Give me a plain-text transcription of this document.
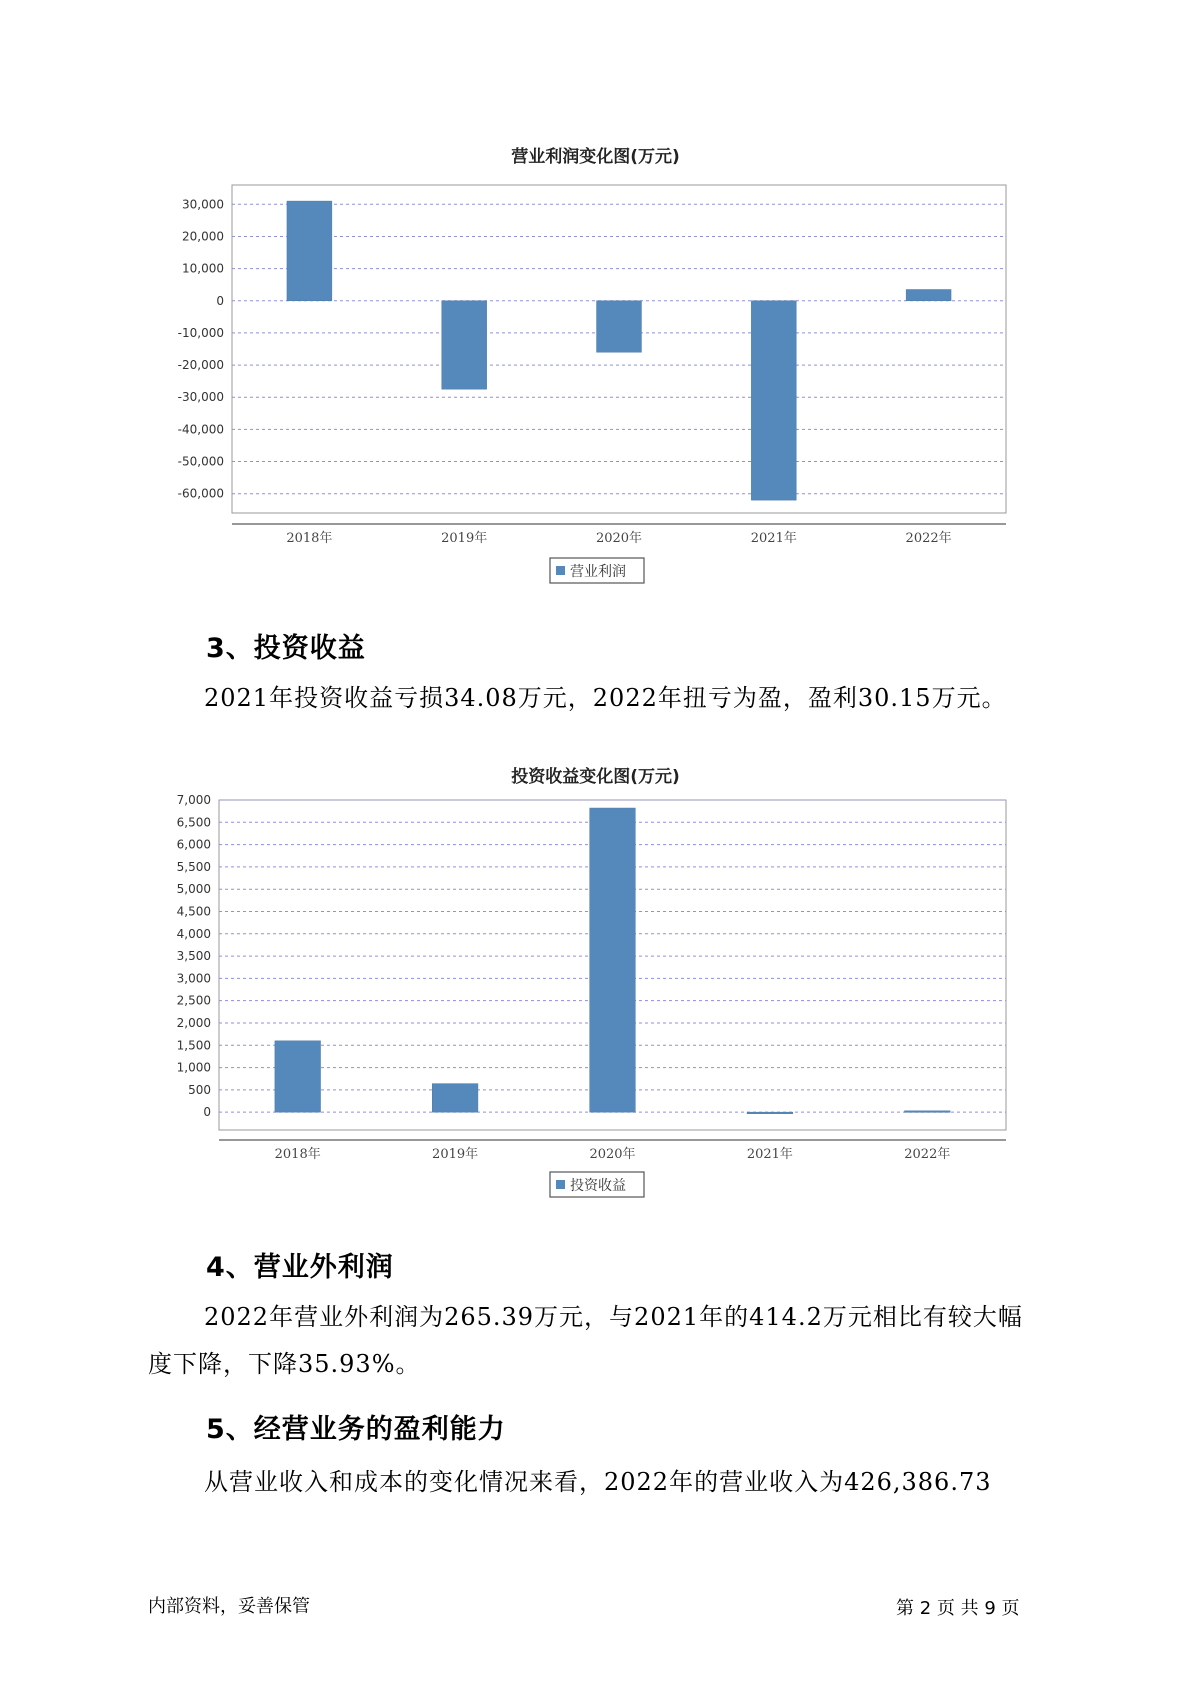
营业利润变化图(万元)
30,000
20,000
10,000
0
-10,000
-20,000
-30,000
-40,000
-50,000
-60,000
2018年	2019年	2020年	2021年	2022年
营业利润
3、投资收益
2021年投资收益亏损34.08万元，2022年扭亏为盈，盈利30.15万元。
投资收益变化图(万元)
7,000
6,500
6,000
5,500
5,000
4,500
4,000
3,500
3,000
2,500
2,000
1,500
1,000
500
0
2018年	2019年	2020年	2021年	2022年
投资收益
4、营业外利润
2022年营业外利润为265.39万元，与2021年的414.2万元相比有较大幅
度下降，下降35.93%。
5、经营业务的盈利能力
从营业收入和成本的变化情况来看，2022年的营业收入为426,386.73
内部资料，妥善保管	第 2 页 共 9 页
